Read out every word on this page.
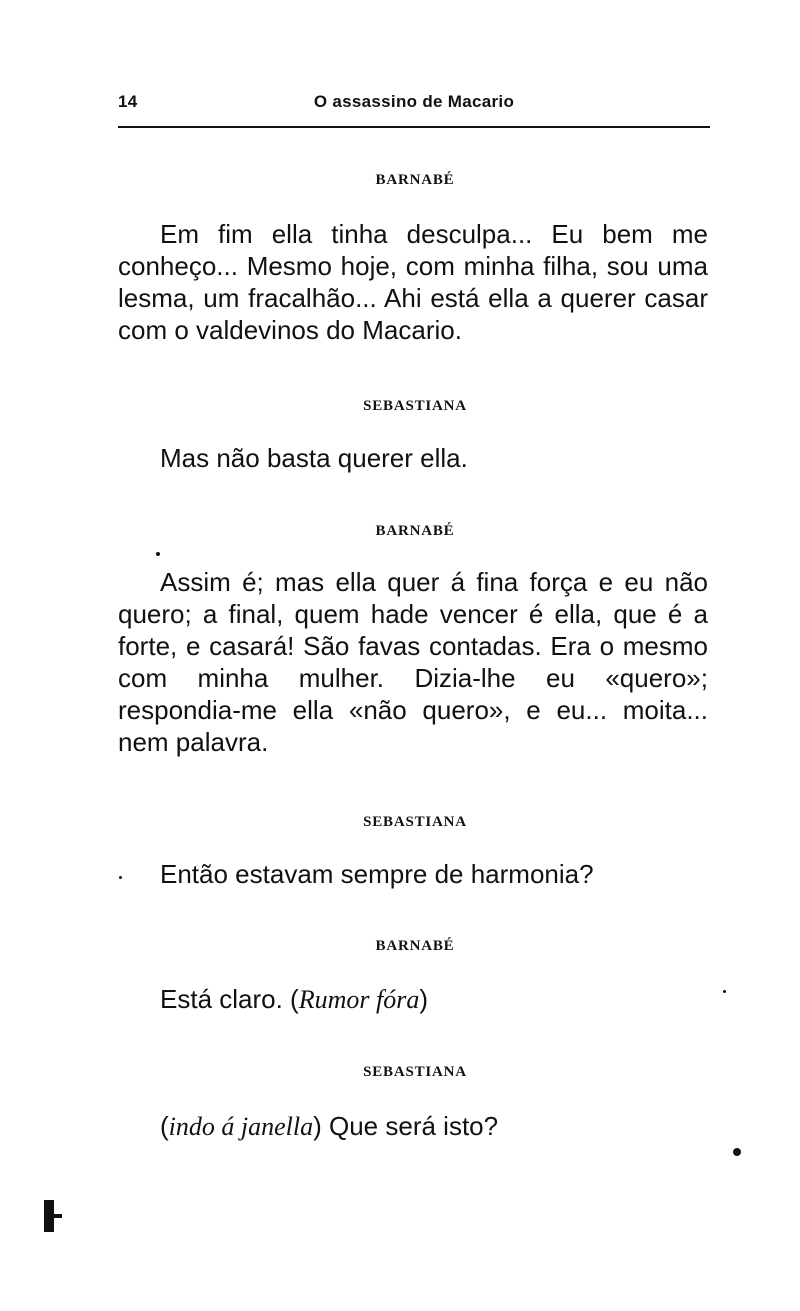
14	O assassino de Macario
BARNABÉ

Em fim ella tinha desculpa... Eu bem me conheço... Mesmo hoje, com minha filha, sou uma lesma, um fracalhão... Ahi está ella a querer casar com o valdevinos do Macario.

SEBASTIANA

Mas não basta querer ella.

BARNABÉ

Assim é; mas ella quer á fina força e eu não quero; a final, quem hade vencer é ella, que é a forte, e casará! São favas contadas. Era o mesmo com minha mulher. Dizia-lhe eu «quero»; respondia-me ella «não quero», e eu... moita... nem palavra.

SEBASTIANA

Então estavam sempre de harmonia?

BARNABÉ

Está claro. (Rumor fóra)

SEBASTIANA

(indo á janella) Que será isto?
